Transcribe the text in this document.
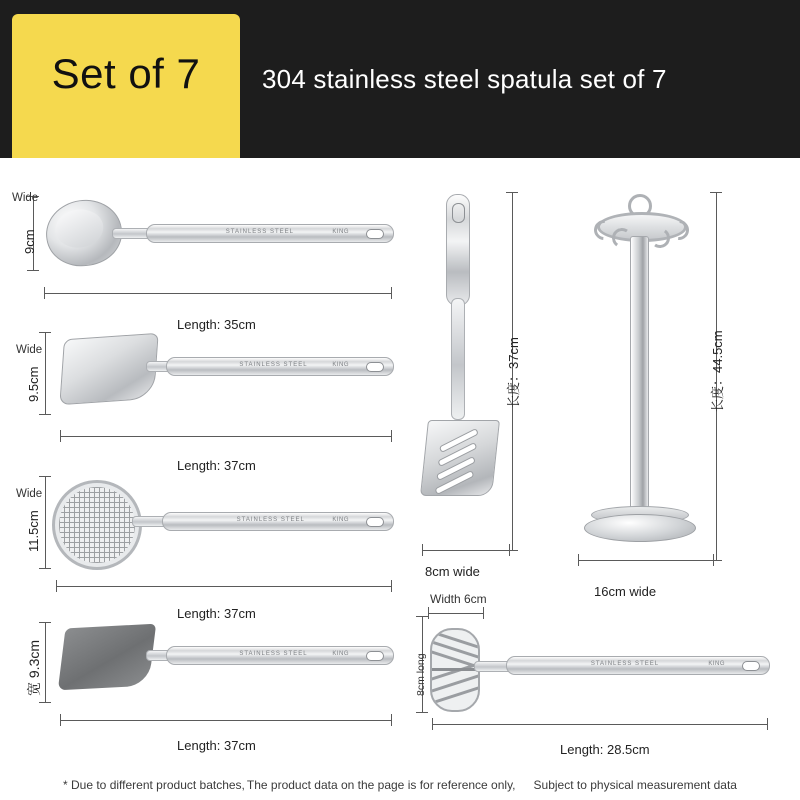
304 stainless steel spatula set of 7
Set of 7
STAINLESS STEEL	KING
Wide
9cm
Length: 35cm
STAINLESS STEEL	KING
Wide
9.5cm
Length: 37cm
STAINLESS STEEL	KING
Wide
11.5cm
Length: 37cm
STAINLESS STEEL	KING
宽 9.3cm
Length: 37cm
长度：37cm
8cm wide
长度：44.5cm
16cm wide
STAINLESS STEEL	KING
Width 6cm
8cm long
Length: 28.5cm
* Due to different product batches, The product data on the page is for reference only, Subject to physical measurement data
